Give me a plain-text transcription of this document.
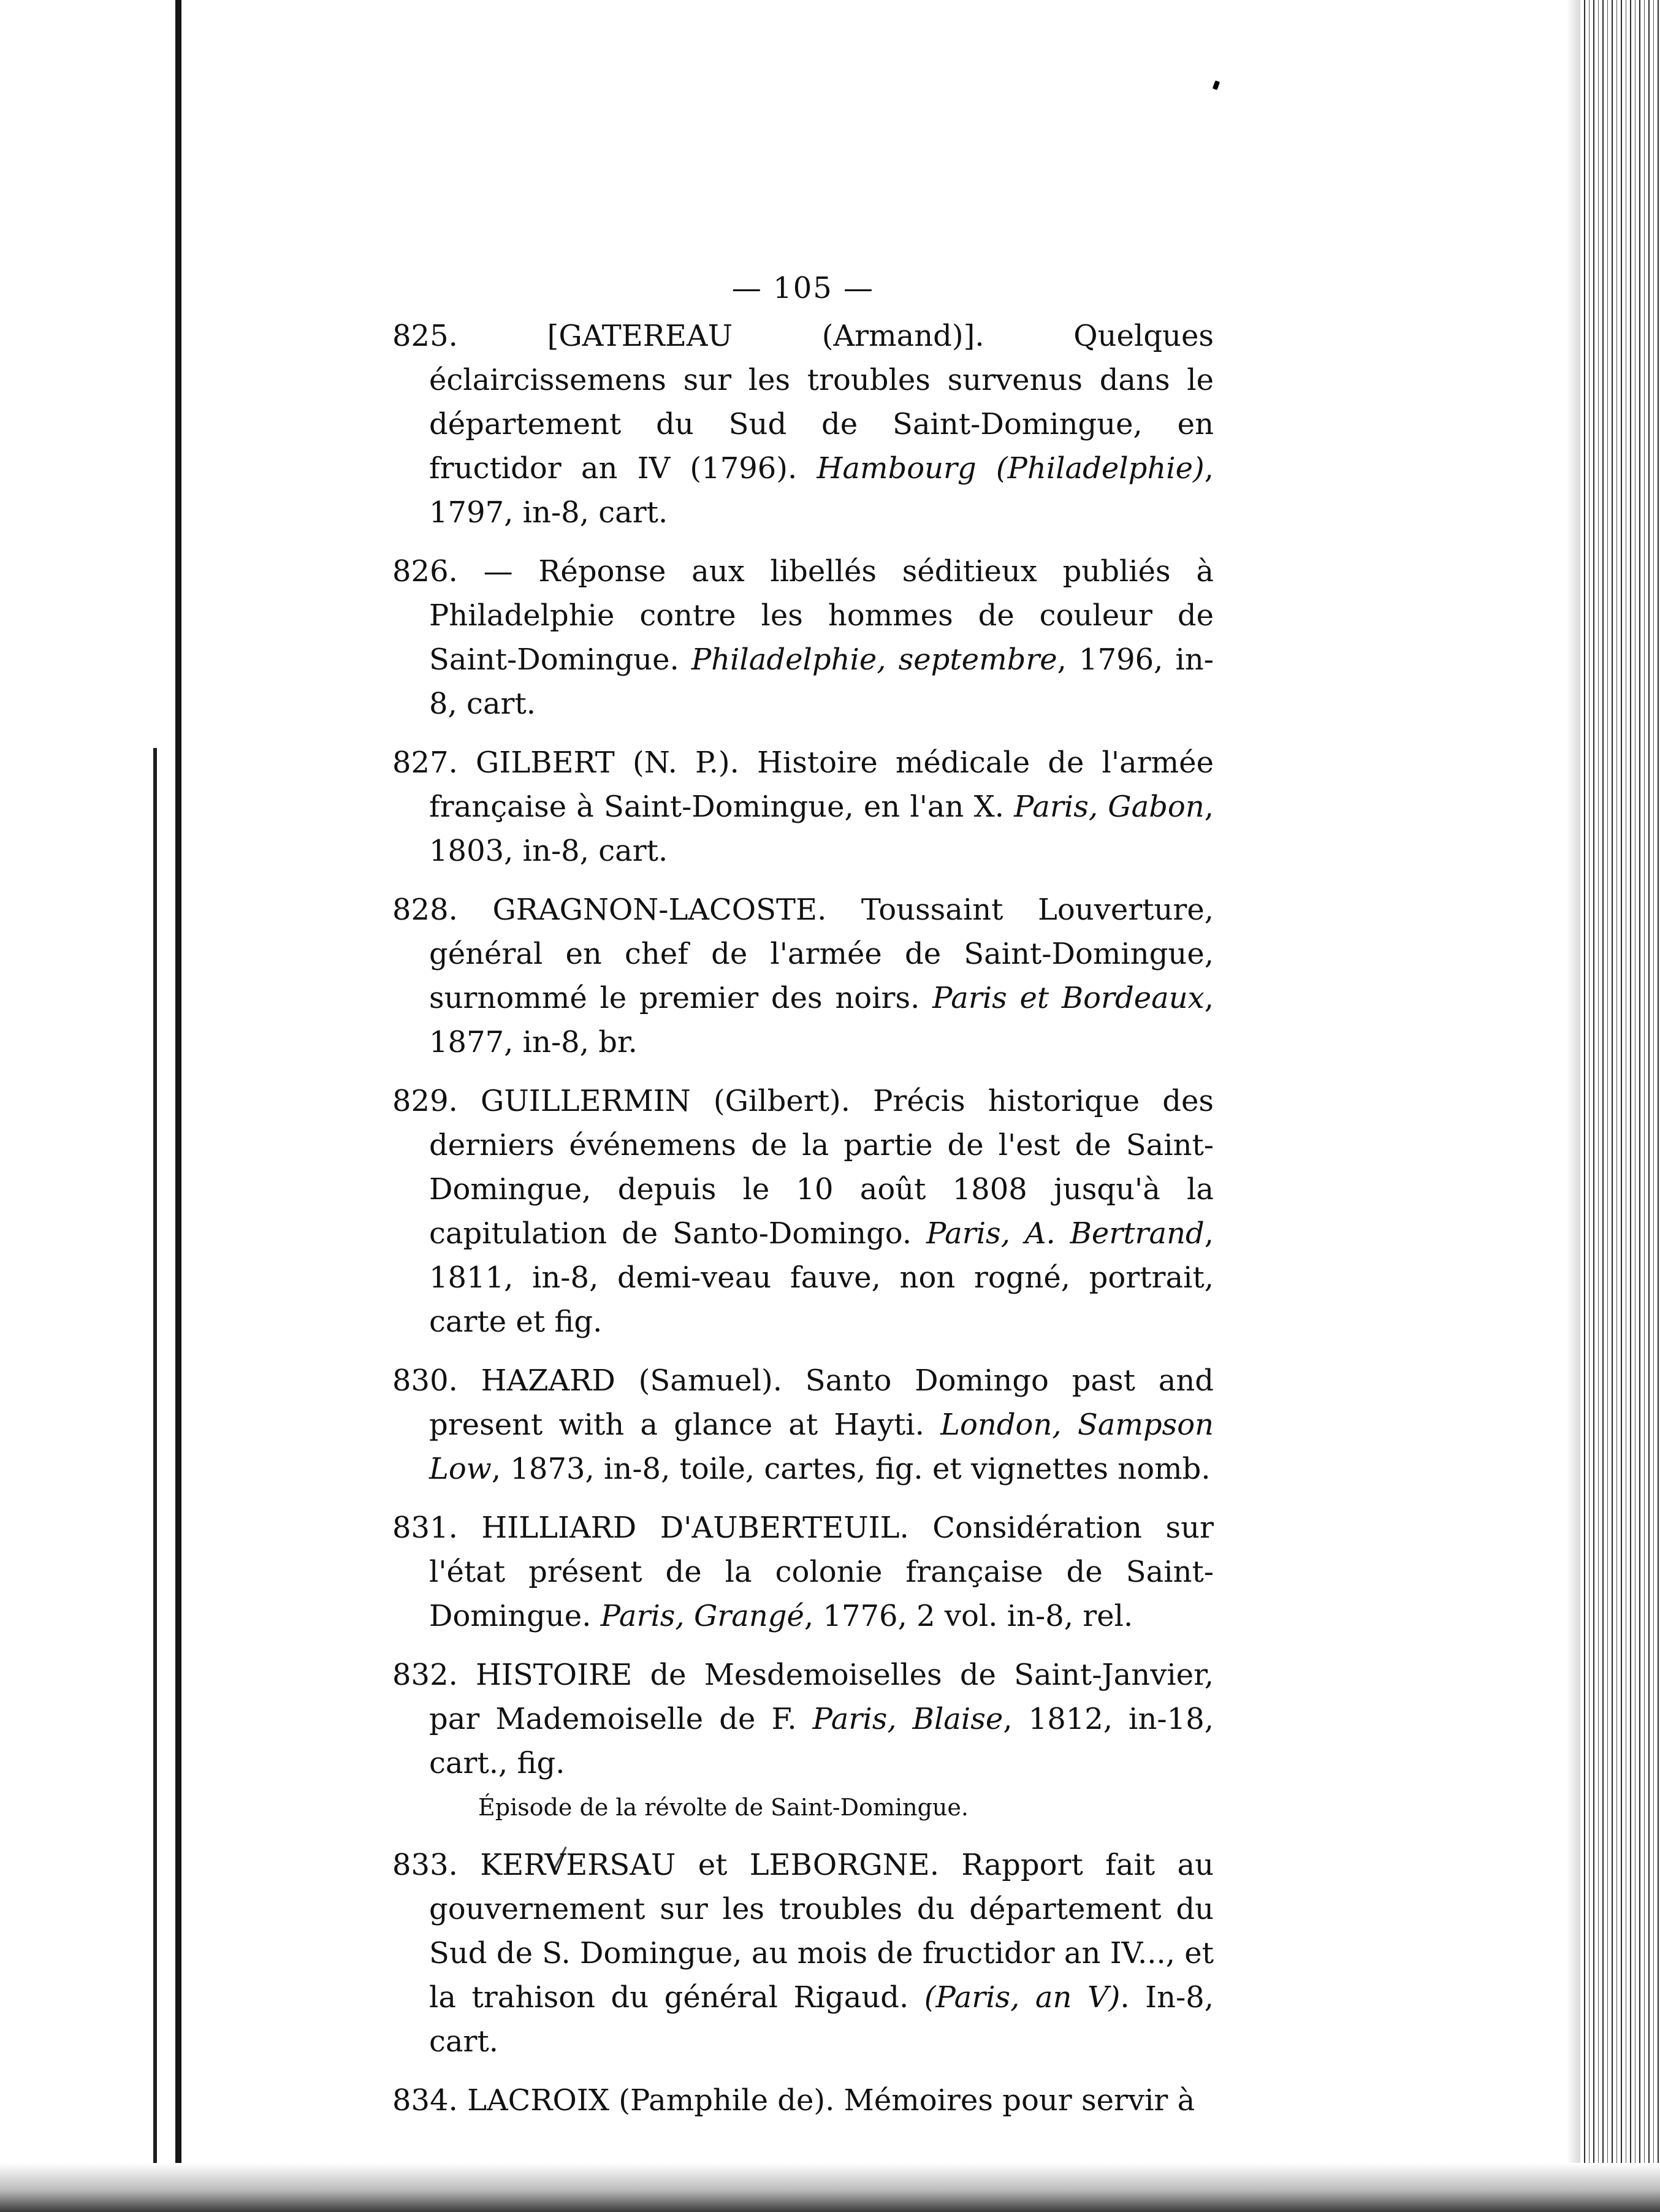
— 105 —
825. [GATEREAU (Armand)]. Quelques éclaircissemens sur les troubles survenus dans le département du Sud de Saint-Domingue, en fructidor an IV (1796). Hambourg (Philadelphie), 1797, in-8, cart.
826. — Réponse aux libellés séditieux publiés à Philadelphie contre les hommes de couleur de Saint-Domingue. Philadelphie, septembre, 1796, in-8, cart.
827. GILBERT (N. P.). Histoire médicale de l'armée française à Saint-Domingue, en l'an X. Paris, Gabon, 1803, in-8, cart.
828. GRAGNON-LACOSTE. Toussaint Louverture, général en chef de l'armée de Saint-Domingue, surnommé le premier des noirs. Paris et Bordeaux, 1877, in-8, br.
829. GUILLERMIN (Gilbert). Précis historique des derniers événemens de la partie de l'est de Saint-Domingue, depuis le 10 août 1808 jusqu'à la capitulation de Santo-Domingo. Paris, A. Bertrand, 1811, in-8, demi-veau fauve, non rogné, portrait, carte et fig.
830. HAZARD (Samuel). Santo Domingo past and present with a glance at Hayti. London, Sampson Low, 1873, in-8, toile, cartes, fig. et vignettes nomb.
831. HILLIARD D'AUBERTEUIL. Considération sur l'état présent de la colonie française de Saint-Domingue. Paris, Grangé, 1776, 2 vol. in-8, rel.
832. HISTOIRE de Mesdemoiselles de Saint-Janvier, par Mademoiselle de F. Paris, Blaise, 1812, in-18, cart., fig.
Épisode de la révolte de Saint-Domingue.
833. KERVERSAU et LEBORGNE. Rapport fait au gouvernement sur les troubles du département du Sud de S. Domingue, au mois de fructidor an IV..., et la trahison du général Rigaud. (Paris, an V). In-8, cart.
834. LACROIX (Pamphile de). Mémoires pour servir à
